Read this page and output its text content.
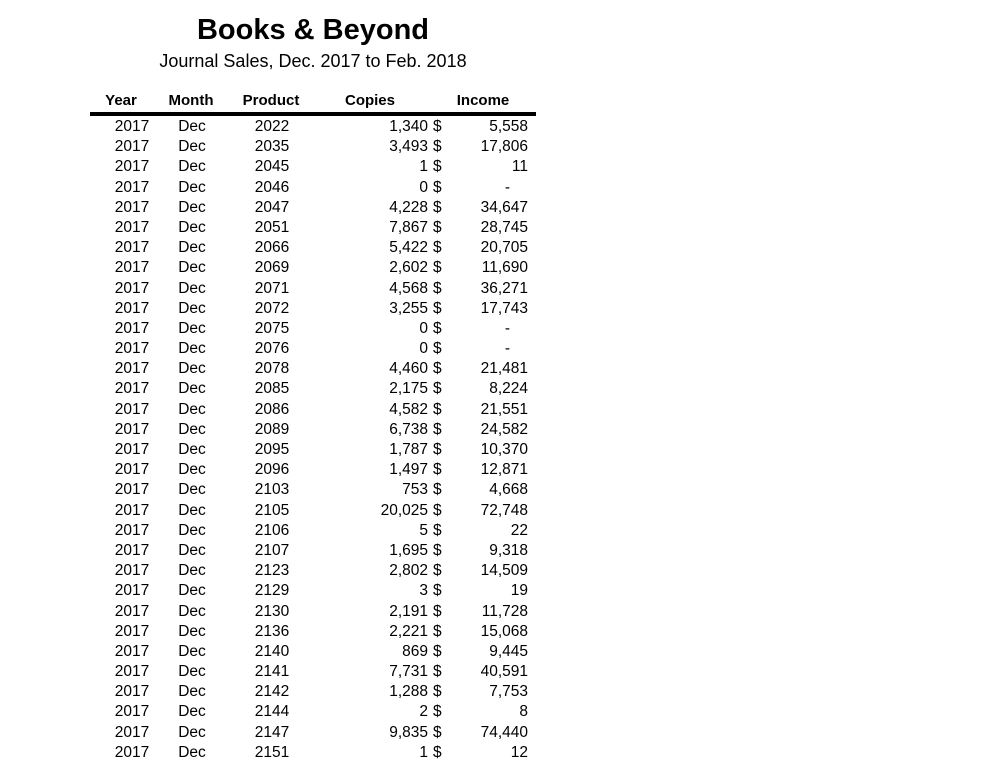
Books & Beyond
Journal Sales, Dec. 2017 to Feb. 2018
Year	Month	Product	Copies	Income
2017	Dec	2022	1,340 $	5,558
2017	Dec	2035	3,493 $	17,806
2017	Dec	2045	1 $	11
2017	Dec	2046	0 $	-
2017	Dec	2047	4,228 $	34,647
2017	Dec	2051	7,867 $	28,745
2017	Dec	2066	5,422 $	20,705
2017	Dec	2069	2,602 $	11,690
2017	Dec	2071	4,568 $	36,271
2017	Dec	2072	3,255 $	17,743
2017	Dec	2075	0 $	-
2017	Dec	2076	0 $	-
2017	Dec	2078	4,460 $	21,481
2017	Dec	2085	2,175 $	8,224
2017	Dec	2086	4,582 $	21,551
2017	Dec	2089	6,738 $	24,582
2017	Dec	2095	1,787 $	10,370
2017	Dec	2096	1,497 $	12,871
2017	Dec	2103	753 $	4,668
2017	Dec	2105	20,025 $	72,748
2017	Dec	2106	5 $	22
2017	Dec	2107	1,695 $	9,318
2017	Dec	2123	2,802 $	14,509
2017	Dec	2129	3 $	19
2017	Dec	2130	2,191 $	11,728
2017	Dec	2136	2,221 $	15,068
2017	Dec	2140	869 $	9,445
2017	Dec	2141	7,731 $	40,591
2017	Dec	2142	1,288 $	7,753
2017	Dec	2144	2 $	8
2017	Dec	2147	9,835 $	74,440
2017	Dec	2151	1 $	12
